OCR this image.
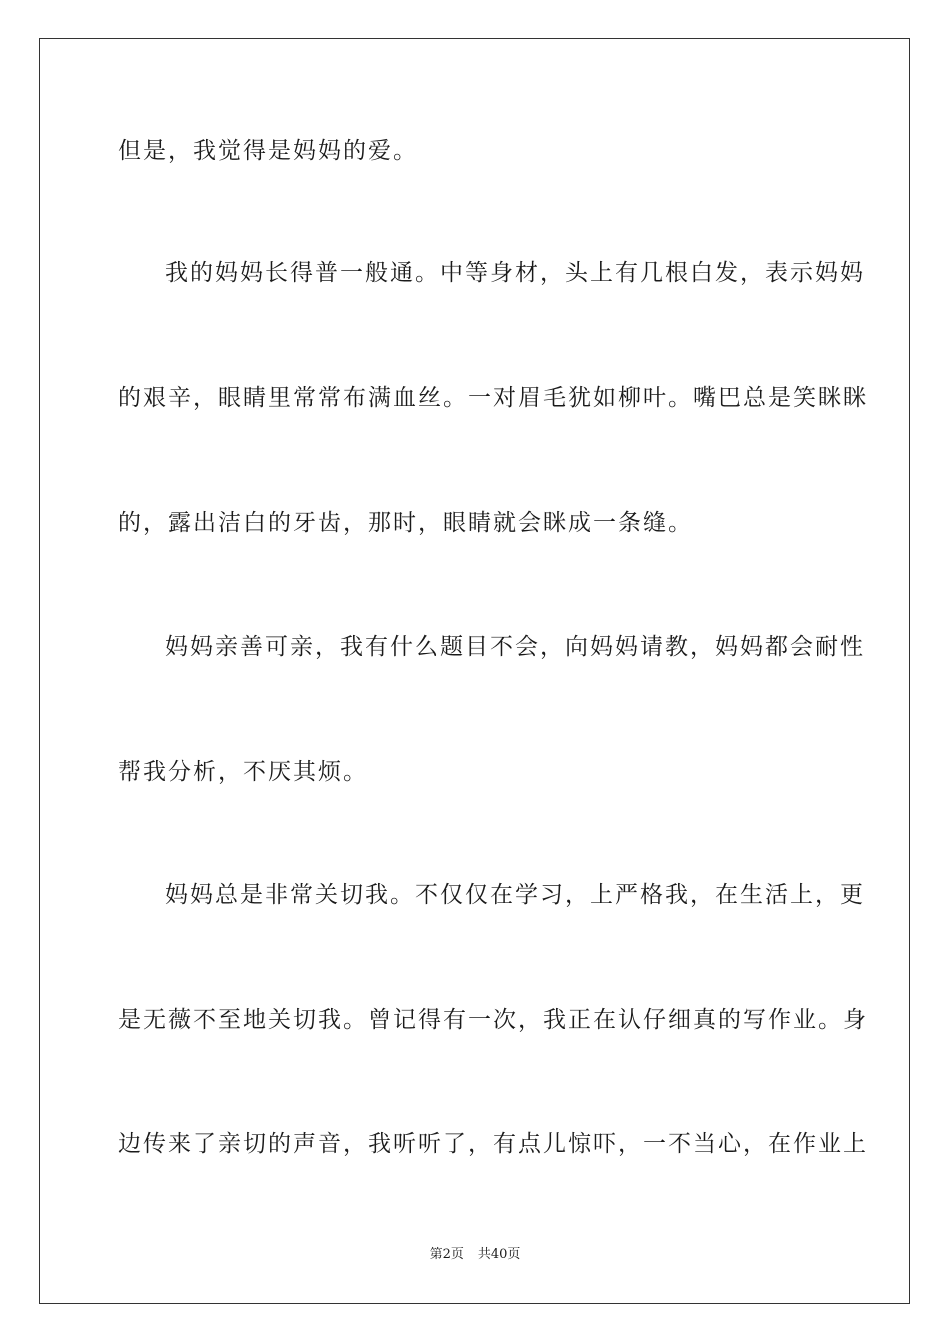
但是，我觉得是妈妈的爱。
我的妈妈长得普一般通。中等身材，头上有几根白发，表示妈妈
的艰辛，眼睛里常常布满血丝。一对眉毛犹如柳叶。嘴巴总是笑眯眯
的，露出洁白的牙齿，那时，眼睛就会眯成一条缝。
妈妈亲善可亲，我有什么题目不会，向妈妈请教，妈妈都会耐性
帮我分析，不厌其烦。
妈妈总是非常关切我。不仅仅在学习，上严格我，在生活上，更
是无薇不至地关切我。曾记得有一次，我正在认仔细真的写作业。身
边传来了亲切的声音，我听听了，有点儿惊吓，一不当心，在作业上
第2页 共40页
